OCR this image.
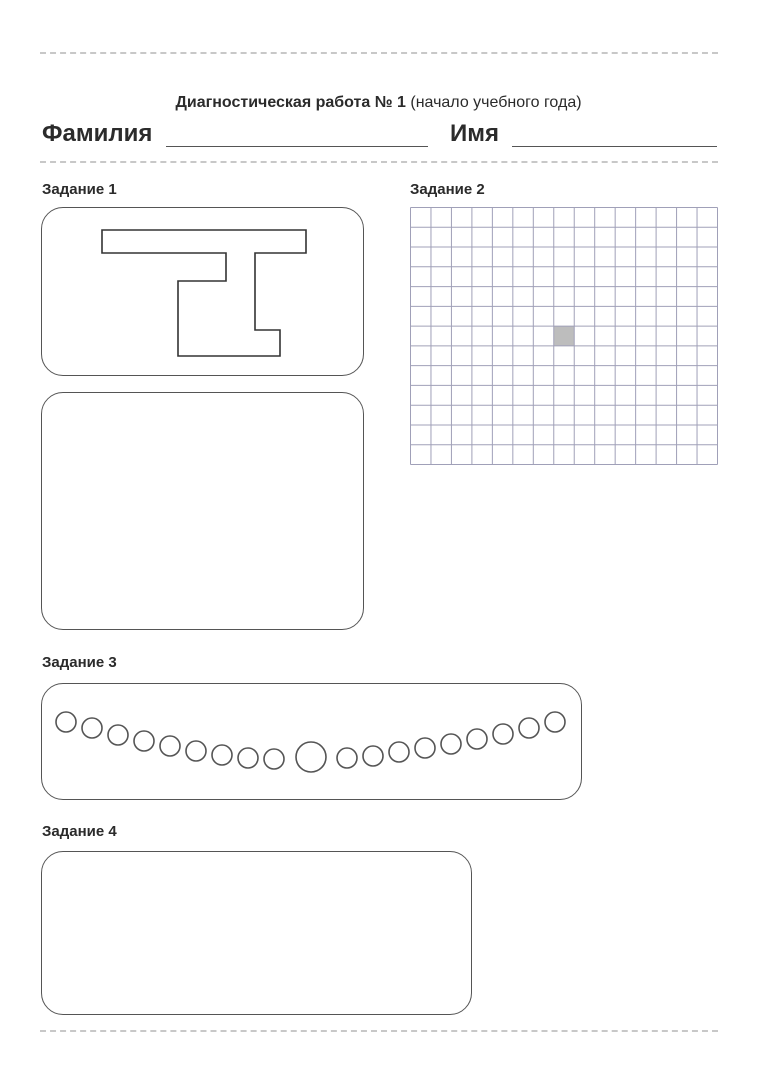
Диагностическая работа № 1 (начало учебного года)
Фамилия	Имя
Задание 1	Задание 2
Задание 3
Задание 4
